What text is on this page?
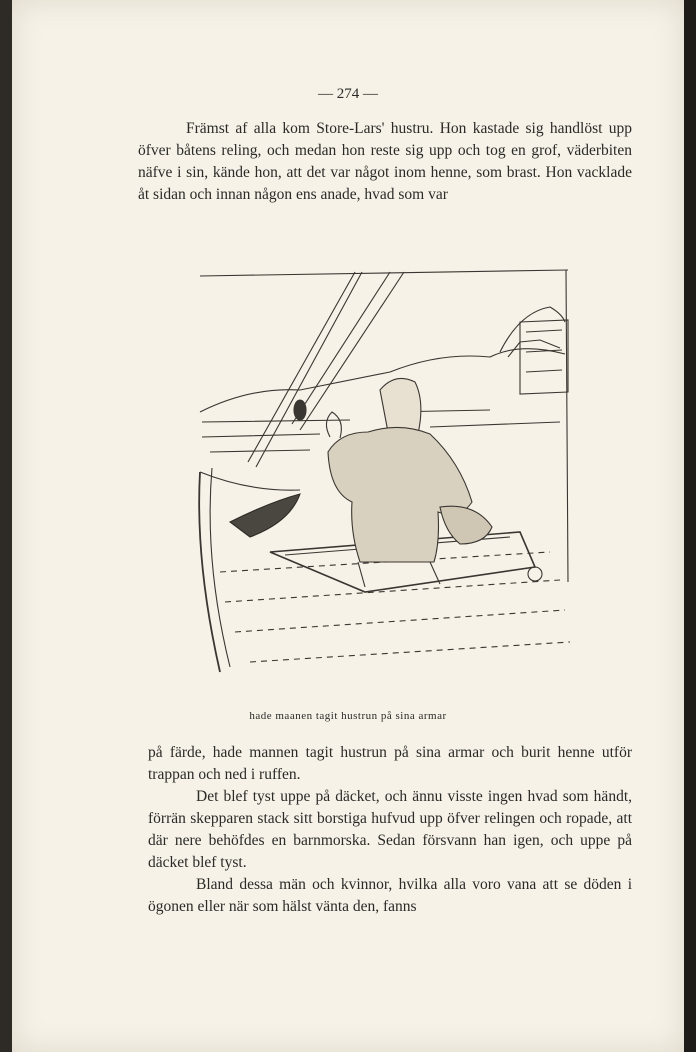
— 274 —

Främst af alla kom Store-Lars' hustru. Hon kastade sig handlöst upp öfver båtens reling, och medan hon reste sig upp och tog en grof, väderbiten näfve i sin, kände hon, att det var något inom henne, som brast. Hon vacklade åt sidan och innan någon ens anade, hvad som var

hade maanen tagit hustrun på sina armar

på färde, hade mannen tagit hustrun på sina armar och burit henne utför trappan och ned i ruffen.

Det blef tyst uppe på däcket, och ännu visste ingen hvad som händt, förrän skepparen stack sitt borstiga hufvud upp öfver relingen och ropade, att där nere behöfdes en barnmorska. Sedan försvann han igen, och uppe på däcket blef tyst.

Bland dessa män och kvinnor, hvilka alla voro vana att se döden i ögonen eller när som hälst vänta den, fanns
